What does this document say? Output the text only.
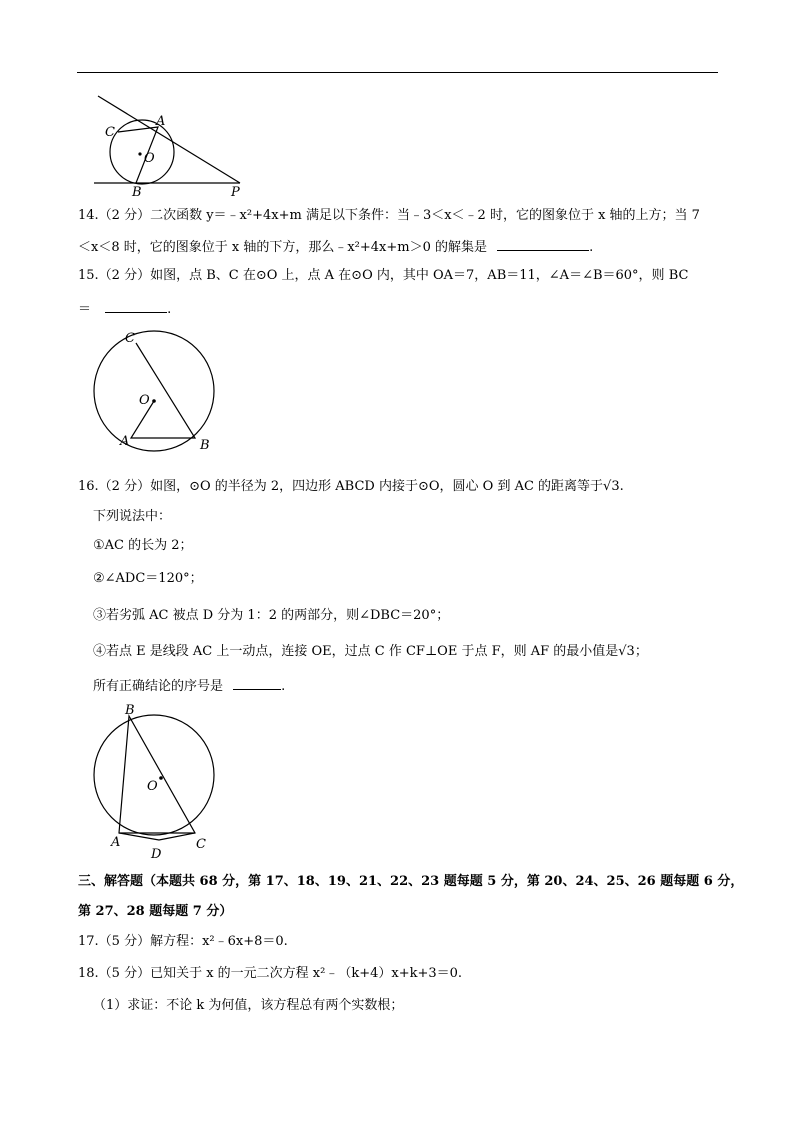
C
A
O
B	P
14.（2 分）二次函数 y＝﹣x²+4x+m 满足以下条件：当﹣3＜x＜﹣2 时，它的图象位于 x 轴的上方；当 7
＜x＜8 时，它的图象位于 x 轴的下方，那么﹣x²+4x+m＞0 的解集是	.
15.（2 分）如图，点 B、C 在⊙O 上，点 A 在⊙O 内，其中 OA＝7，AB＝11，∠A＝∠B＝60°，则 BC
＝	.
C
O
A	B
16.（2 分）如图，⊙O 的半径为 2，四边形 ABCD 内接于⊙O，圆心 O 到 AC 的距离等于√3.
下列说法中：
①AC 的长为 2；
②∠ADC＝120°；
③若劣弧 AC 被点 D 分为 1：2 的两部分，则∠DBC＝20°；
④若点 E 是线段 AC 上一动点，连接 OE，过点 C 作 CF⊥OE 于点 F，则 AF 的最小值是√3；
所有正确结论的序号是	.
B
O
A
D
C
三、解答题（本题共 68 分，第 17、18、19、21、22、23 题每题 5 分，第 20、24、25、26 题每题 6 分，
第 27、28 题每题 7 分）
17.（5 分）解方程：x²﹣6x+8＝0.
18.（5 分）已知关于 x 的一元二次方程 x²﹣（k+4）x+k+3＝0.
（1）求证：不论 k 为何值，该方程总有两个实数根；
